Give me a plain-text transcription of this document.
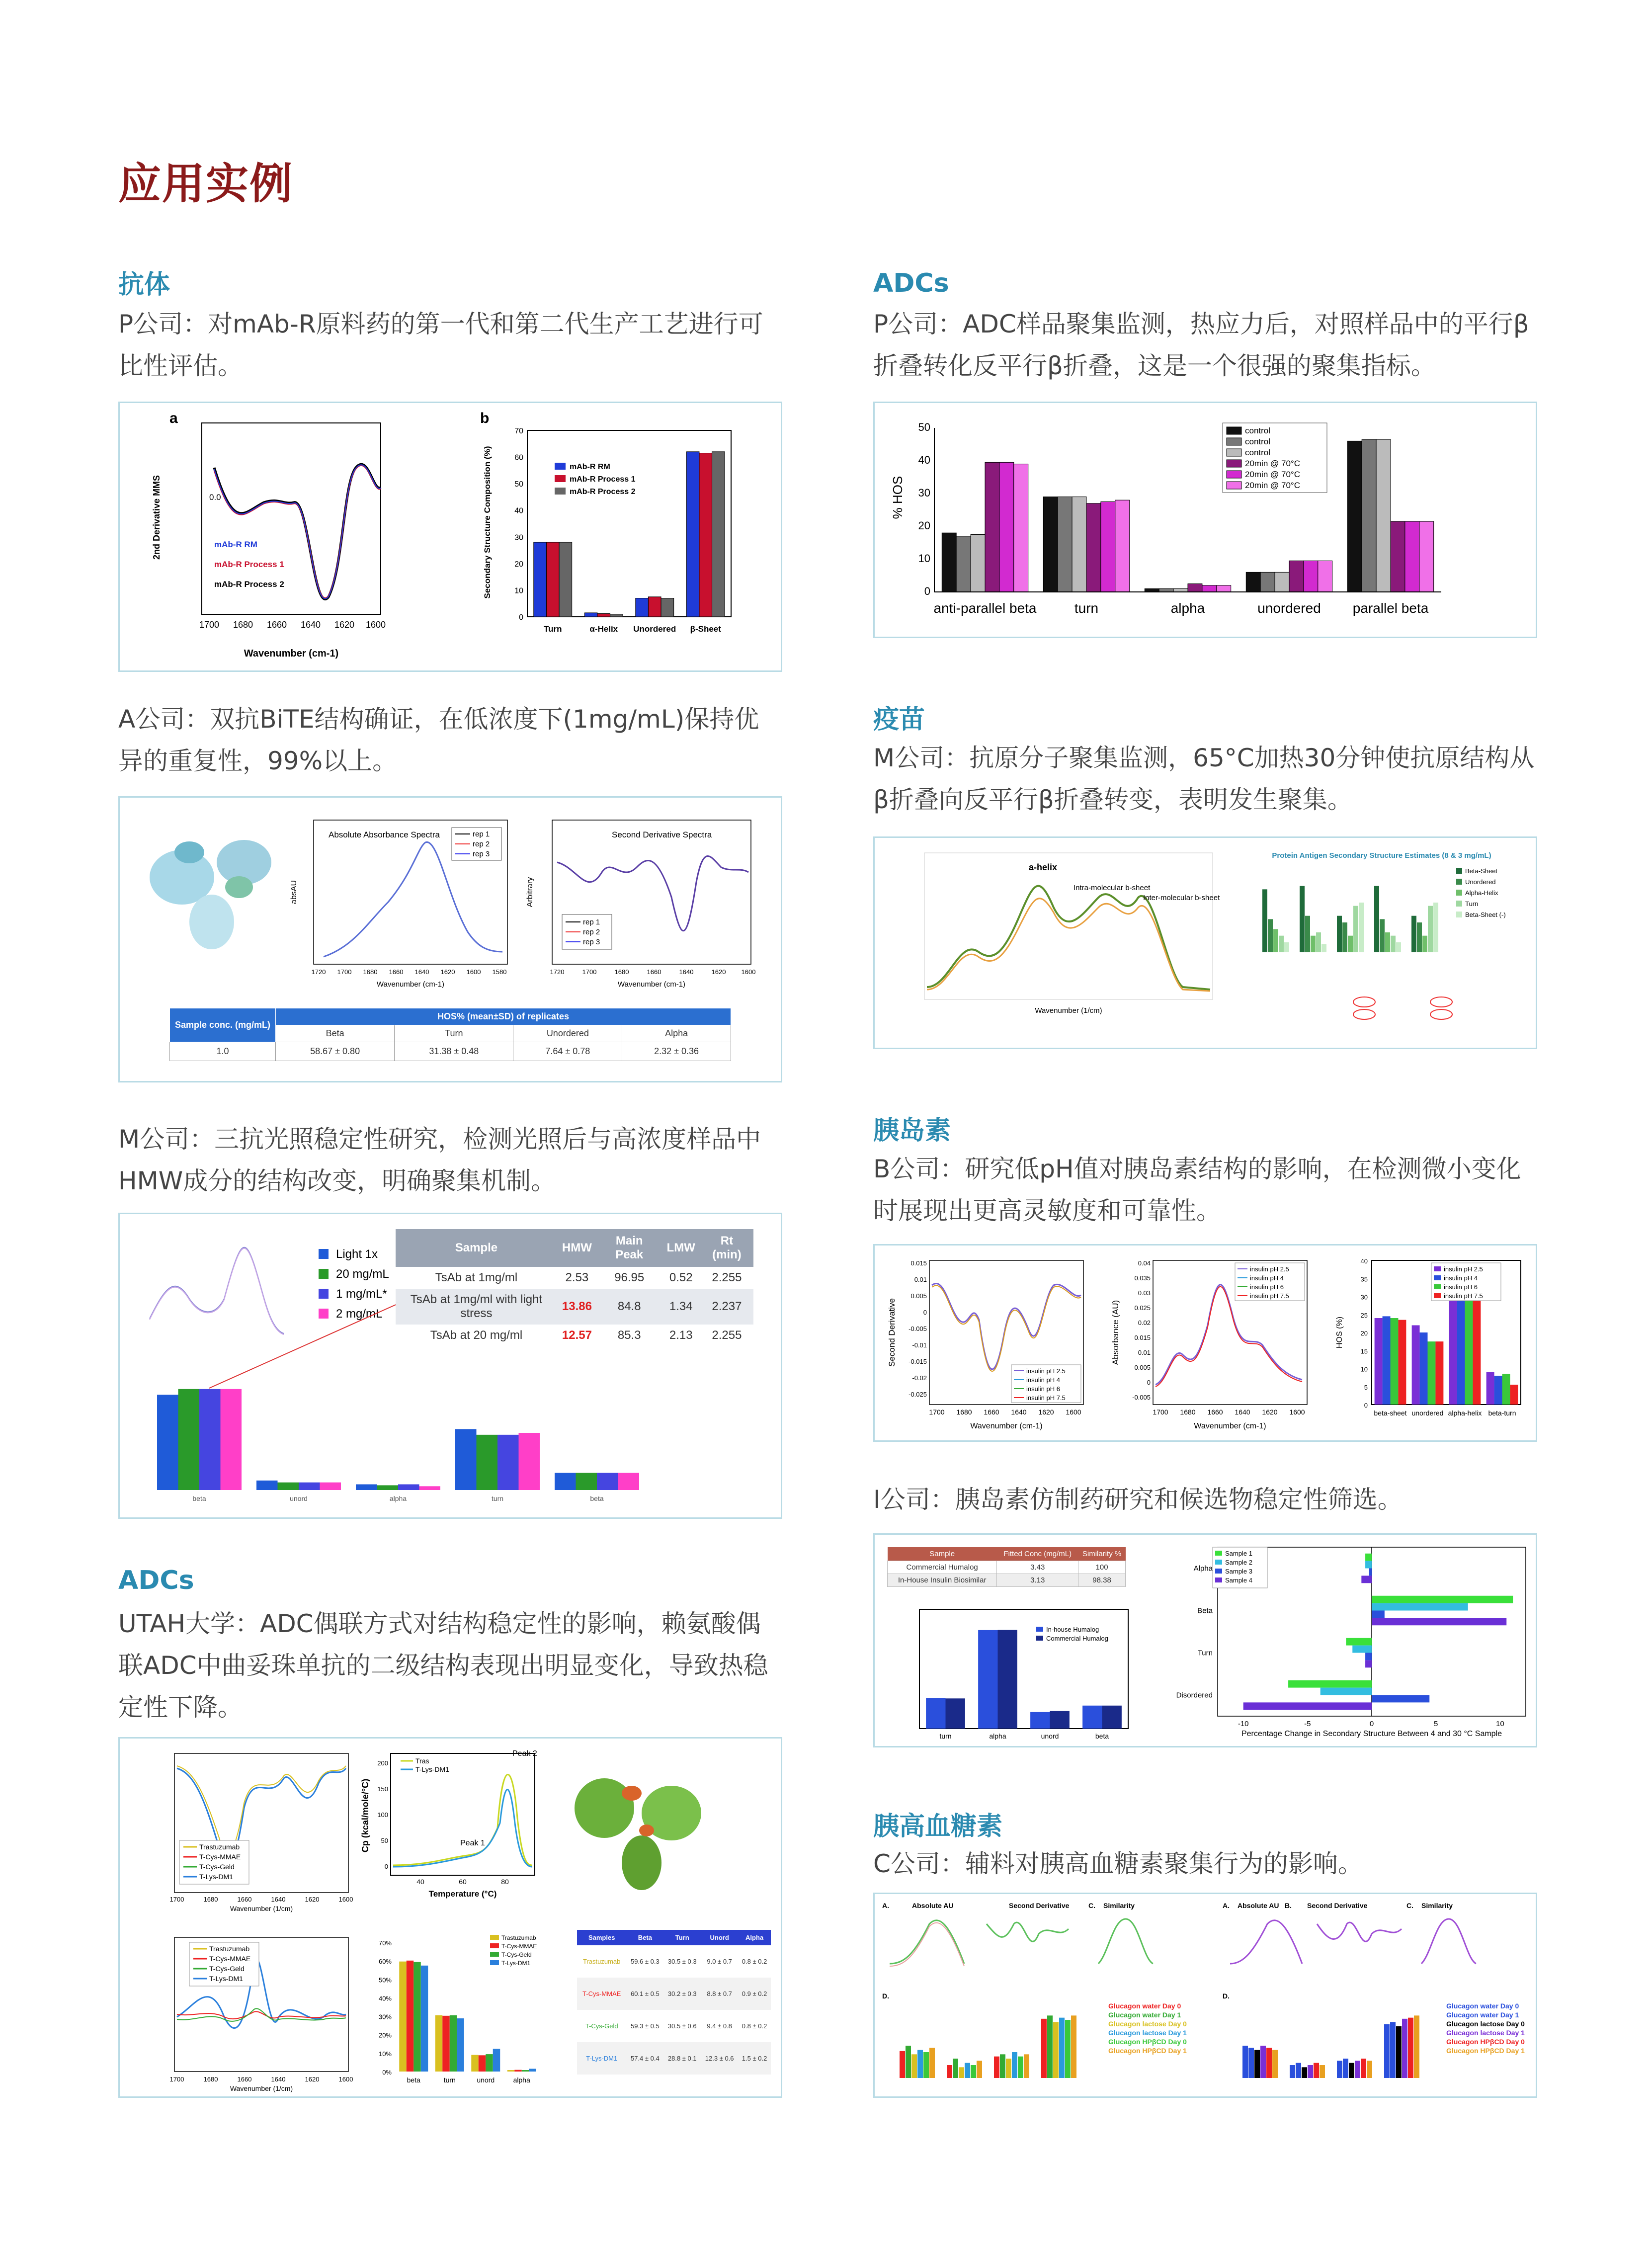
应用实例
抗体
P公司：对mAb-R原料药的第一代和第二代生产工艺进行可比性评估。
a
2nd Derivative MMS	0.0
mAb-R RM
mAb-R Process 1
mAb-R Process 2
1700 1680 1660 1640 1620 1600
Wavenumber (cm-1)
b
Secondary Structure Composition (%)
0
10
20
30
40
50
60
70
Turn	α-Helix Unordered β-Sheet
mAb-R RM
mAb-R Process 1
mAb-R Process 2
A公司：双抗BiTE结构确证，在低浓度下(1mg/mL)保持优异的重复性，99%以上。
Absolute Absorbance Spectra
absAU
rep 1
rep 2
rep 3
1720 1700 1680 1660 1640 1620 1600 1580
Wavenumber (cm-1)
Second Derivative Spectra
Arbitrary
rep 1
rep 2
rep 3
1720	1700	1680	1660	1640	1620 1600
Wavenumber (cm-1)
Sample conc. (mg/mL)	HOS% (mean±SD) of replicates			
	Beta	Turn	Unordered	Alpha
1.0	58.67 ± 0.80	31.38 ± 0.48	7.64 ± 0.78	2.32 ± 0.36
M公司：三抗光照稳定性研究，检测光照后与高浓度样品中HMW成分的结构改变，明确聚集机制。
Light 1x
20 mg/mL
1 mg/mL*
2 mg/mL
beta	unord	alpha	turn	beta
Sample	HMW	Main Peak	LMW	Rt (min)
TsAb at 1mg/ml	2.53	96.95	0.52	2.255
TsAb at 1mg/ml with light stress	13.86	84.8	1.34	2.237
TsAb at 20 mg/ml	12.57	85.3	2.13	2.255
ADCs
UTAH大学：ADC偶联方式对结构稳定性的影响，赖氨酸偶联ADC中曲妥珠单抗的二级结构表现出明显变化，导致热稳定性下降。
Trastuzumab
T-Cys-MMAE
T-Cys-Geld
T-Lys-DM1
1700	1680	1660	1640	1620	1600
Wavenumber (1/cm)
Cp (kcal/mole/°C)
Tras
T-Lys-DM1
Peak 1
Peak 2
40	60	80
0
50
100
150
200
Temperature (°C)
1700	1680	1660	1640	1620	1600
Wavenumber (1/cm)
Trastuzumab
T-Cys-MMAE
T-Cys-Geld
T-Lys-DM1
0%
10%
20%
30%
40%
50%
60%
70%
beta	turn	unord	alpha
Trastuzumab
T-Cys-MMAE
T-Cys-Geld
T-Lys-DM1
Samples	Beta	Turn	Unord	Alpha
Trastuzumab	59.6 ± 0.3	30.5 ± 0.3	9.0 ± 0.7	0.8 ± 0.2
T-Cys-MMAE	60.1 ± 0.5	30.2 ± 0.3	8.8 ± 0.7	0.9 ± 0.2
T-Cys-Geld	59.3 ± 0.5	30.5 ± 0.6	9.4 ± 0.8	0.8 ± 0.2
T-Lys-DM1	57.4 ± 0.4	28.8 ± 0.1	12.3 ± 0.6	1.5 ± 0.2
ADCs
P公司：ADC样品聚集监测，热应力后，对照样品中的平行β折叠转化反平行β折叠，这是一个很强的聚集指标。
% HOS
0
10
20
30
40
50
anti-parallel beta	turn	alpha	unordered parallel beta
control
control
control
20min @ 70°C
20min @ 70°C
20min @ 70°C
疫苗
M公司：抗原分子聚集监测，65°C加热30分钟使抗原结构从β折叠向反平行β折叠转变，表明发生聚集。
a-helix
Intra-molecular b-sheet
Inter-molecular b-sheet
Wavenumber (1/cm)
Protein Antigen Secondary Structure Estimates (8 & 3 mg/mL)
Beta-Sheet
Unordered
Alpha-Helix
Turn
Beta-Sheet (-)
胰岛素
B公司：研究低pH值对胰岛素结构的影响，在检测微小变化时展现出更高灵敏度和可靠性。
Second Derivative
0.015
0.01
0.005
0
-0.005
-0.01
-0.015
-0.02
-0.025
insulin pH 2.5
insulin pH 4
insulin pH 6
insulin pH 7.5
1700 1680 1660 1640 1620 1600
Wavenumber (cm-1)
Absorbance (AU)
0.04
0.035
0.03
0.025
0.02
0.015
0.01
0.005
0
-0.005
insulin pH 2.5
insulin pH 4
insulin pH 6
insulin pH 7.5
1700 1680 1660 1640 1620 1600
Wavenumber (cm-1)
HOS (%)
0
5
10
15
20
25
30
35
40
beta-sheet unordered alpha-helix beta-turn
insulin pH 2.5
insulin pH 4
insulin pH 6
insulin pH 7.5
I公司：胰岛素仿制药研究和候选物稳定性筛选。
Sample	Fitted Conc (mg/mL)	Similarity %
Commercial Humalog	3.43	100
In-House Insulin Biosimilar	3.13	98.38
turn	alpha	unord	beta
In-house Humalog
Commercial Humalog
Alpha
Beta
Turn
Disordered
-10	-5	0	5	10
Percentage Change in Secondary Structure Between 4 and 30 °C Sample
Sample 1
Sample 2
Sample 3
Sample 4
胰高血糖素
C公司：辅料对胰高血糖素聚集行为的影响。
A.	Absolute AU	Second Derivative	C. Similarity
D.
Glucagon water Day 0
Glucagon water Day 1
Glucagon lactose Day 0
Glucagon lactose Day 1
Glucagon HPβCD Day 0
Glucagon HPβCD Day 1
A. Absolute AU B. Second Derivative	C. Similarity
D.
Glucagon water Day 0
Glucagon water Day 1
Glucagon lactose Day 0
Glucagon lactose Day 1
Glucagon HPβCD Day 0
Glucagon HPβCD Day 1
